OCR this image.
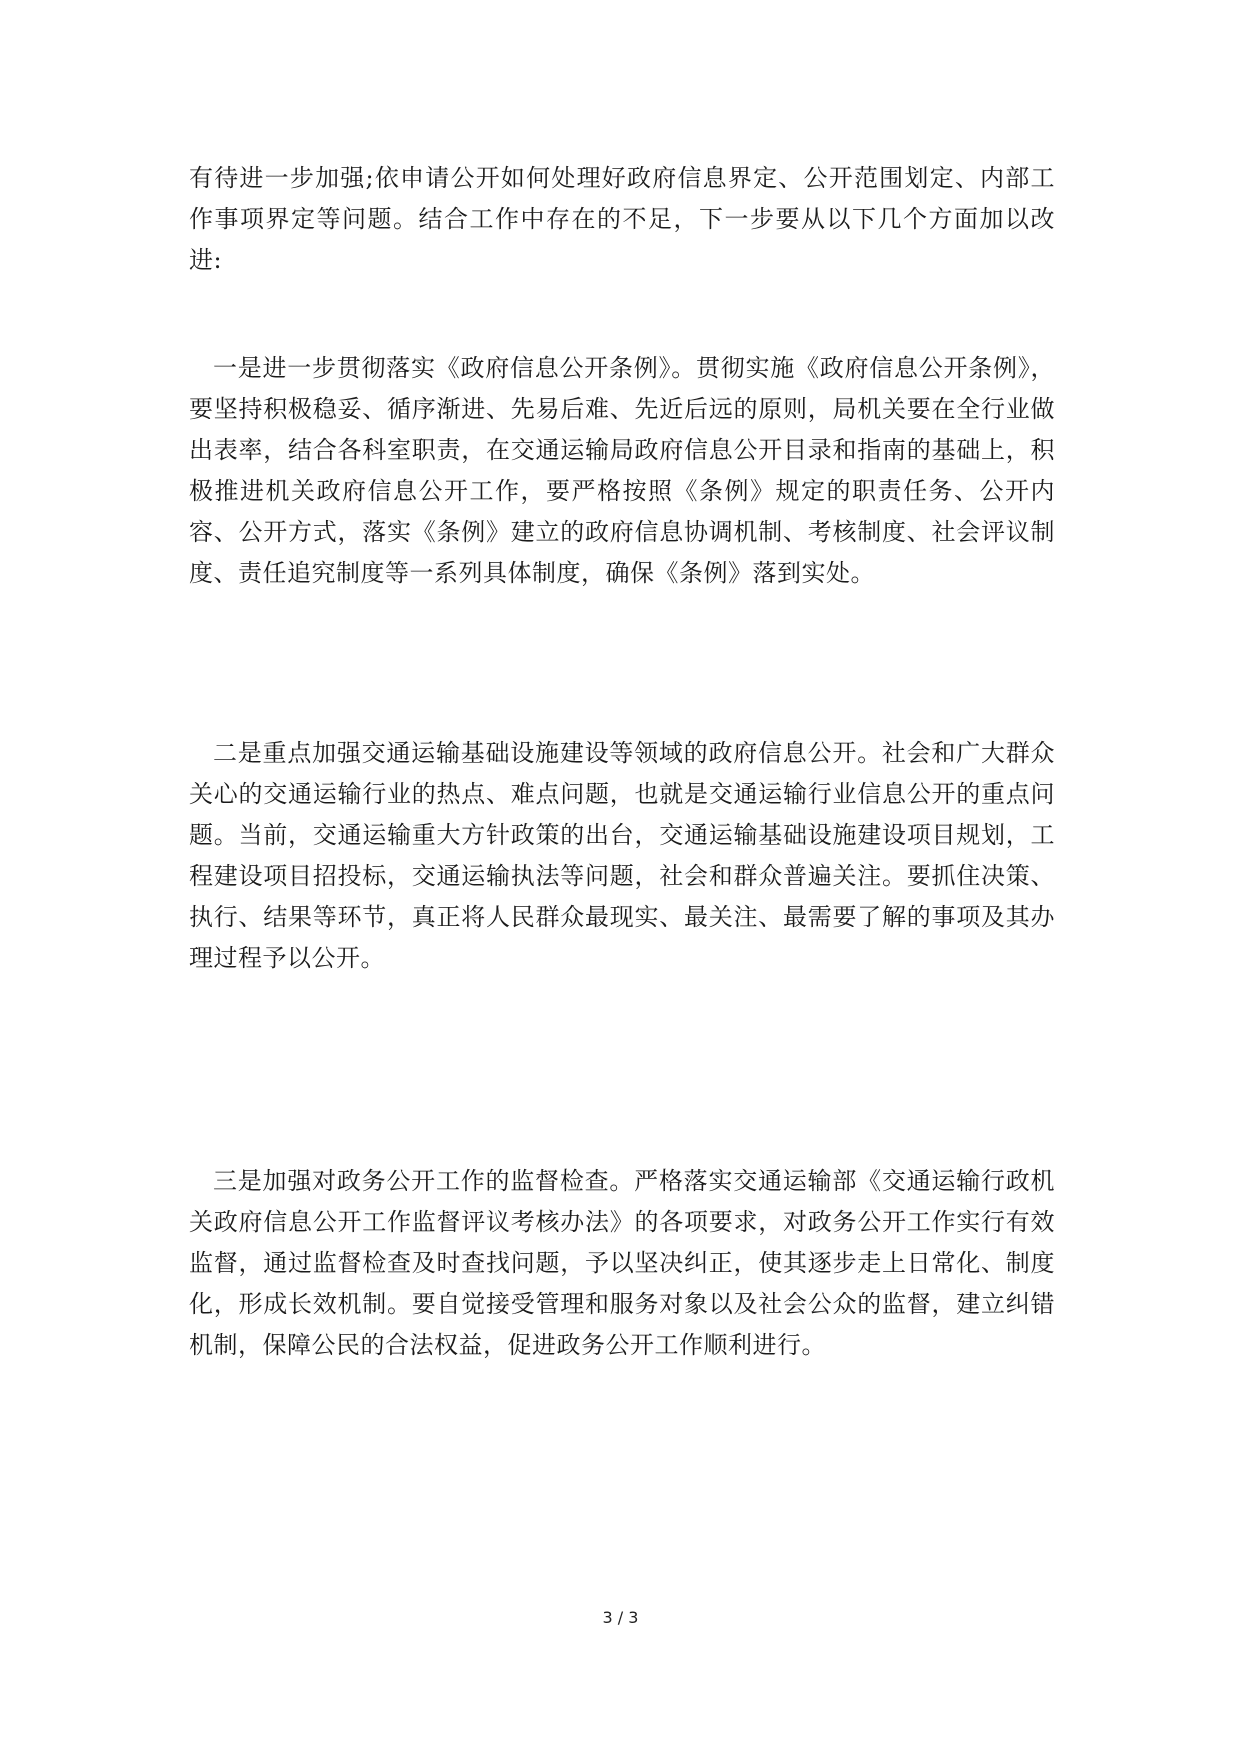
有待进一步加强;依申请公开如何处理好政府信息界定、公开范围划定、内部工作事项界定等问题。结合工作中存在的不足，下一步要从以下几个方面加以改进:

一是进一步贯彻落实《政府信息公开条例》。贯彻实施《政府信息公开条例》，要坚持积极稳妥、循序渐进、先易后难、先近后远的原则，局机关要在全行业做出表率，结合各科室职责，在交通运输局政府信息公开目录和指南的基础上，积极推进机关政府信息公开工作，要严格按照《条例》规定的职责任务、公开内容、公开方式，落实《条例》建立的政府信息协调机制、考核制度、社会评议制度、责任追究制度等一系列具体制度，确保《条例》落到实处。

二是重点加强交通运输基础设施建设等领域的政府信息公开。社会和广大群众关心的交通运输行业的热点、难点问题，也就是交通运输行业信息公开的重点问题。当前，交通运输重大方针政策的出台，交通运输基础设施建设项目规划，工程建设项目招投标，交通运输执法等问题，社会和群众普遍关注。要抓住决策、执行、结果等环节，真正将人民群众最现实、最关注、最需要了解的事项及其办理过程予以公开。

三是加强对政务公开工作的监督检查。严格落实交通运输部《交通运输行政机关政府信息公开工作监督评议考核办法》的各项要求，对政务公开工作实行有效监督，通过监督检查及时查找问题，予以坚决纠正，使其逐步走上日常化、制度化，形成长效机制。要自觉接受管理和服务对象以及社会公众的监督，建立纠错机制，保障公民的合法权益，促进政务公开工作顺利进行。

3 / 3
